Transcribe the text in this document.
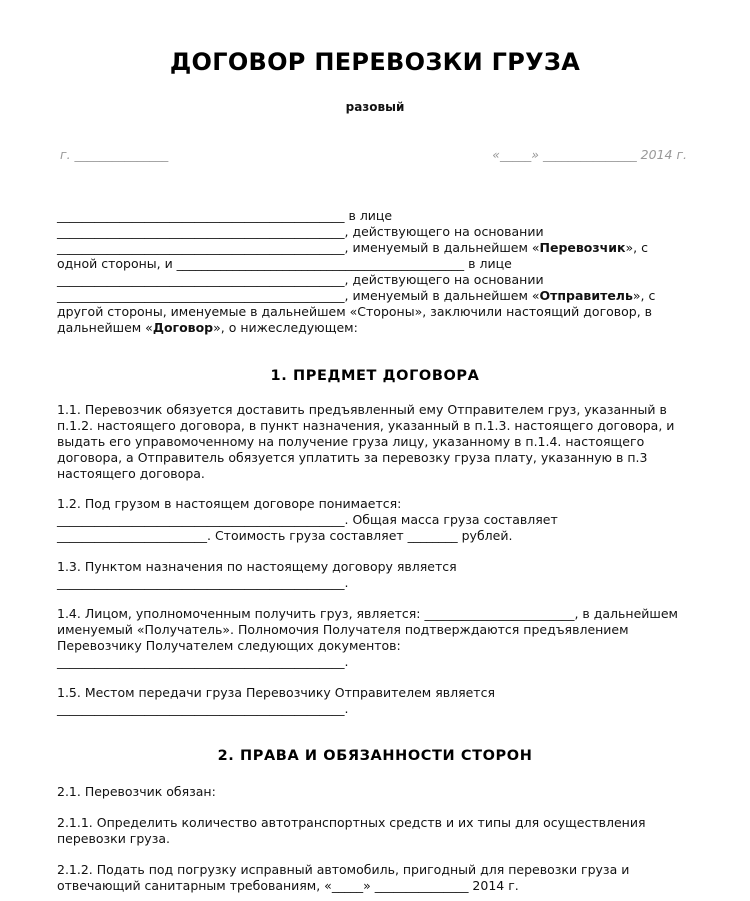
ДОГОВОР ПЕРЕВОЗКИ ГРУЗА
разовый
г. _______________	«_____» _______________ 2014 г.
______________________________________________ в лице
______________________________________________, действующего на основании
______________________________________________, именуемый в дальнейшем «Перевозчик», с
одной стороны, и ______________________________________________ в лице
______________________________________________, действующего на основании
______________________________________________, именуемый в дальнейшем «Отправитель», с
другой стороны, именуемые в дальнейшем «Стороны», заключили настоящий договор, в
дальнейшем «Договор», о нижеследующем:
1. ПРЕДМЕТ ДОГОВОРА
1.1. Перевозчик обязуется доставить предъявленный ему Отправителем груз, указанный в
п.1.2. настоящего договора, в пункт назначения, указанный в п.1.3. настоящего договора, и
выдать его управомоченному на получение груза лицу, указанному в п.1.4. настоящего
договора, а Отправитель обязуется уплатить за перевозку груза плату, указанную в п.3
настоящего договора.
1.2. Под грузом в настоящем договоре понимается:
______________________________________________. Общая масса груза составляет
________________________. Стоимость груза составляет ________ рублей.
1.3. Пунктом назначения по настоящему договору является
______________________________________________.
1.4. Лицом, уполномоченным получить груз, является: ________________________, в дальнейшем
именуемый «Получатель». Полномочия Получателя подтверждаются предъявлением
Перевозчику Получателем следующих документов:
______________________________________________.
1.5. Местом передачи груза Перевозчику Отправителем является
______________________________________________.
2. ПРАВА И ОБЯЗАННОСТИ СТОРОН
2.1. Перевозчик обязан:
2.1.1. Определить количество автотранспортных средств и их типы для осуществления
перевозки груза.
2.1.2. Подать под погрузку исправный автомобиль, пригодный для перевозки груза и
отвечающий санитарным требованиям, «_____» _______________ 2014 г.
